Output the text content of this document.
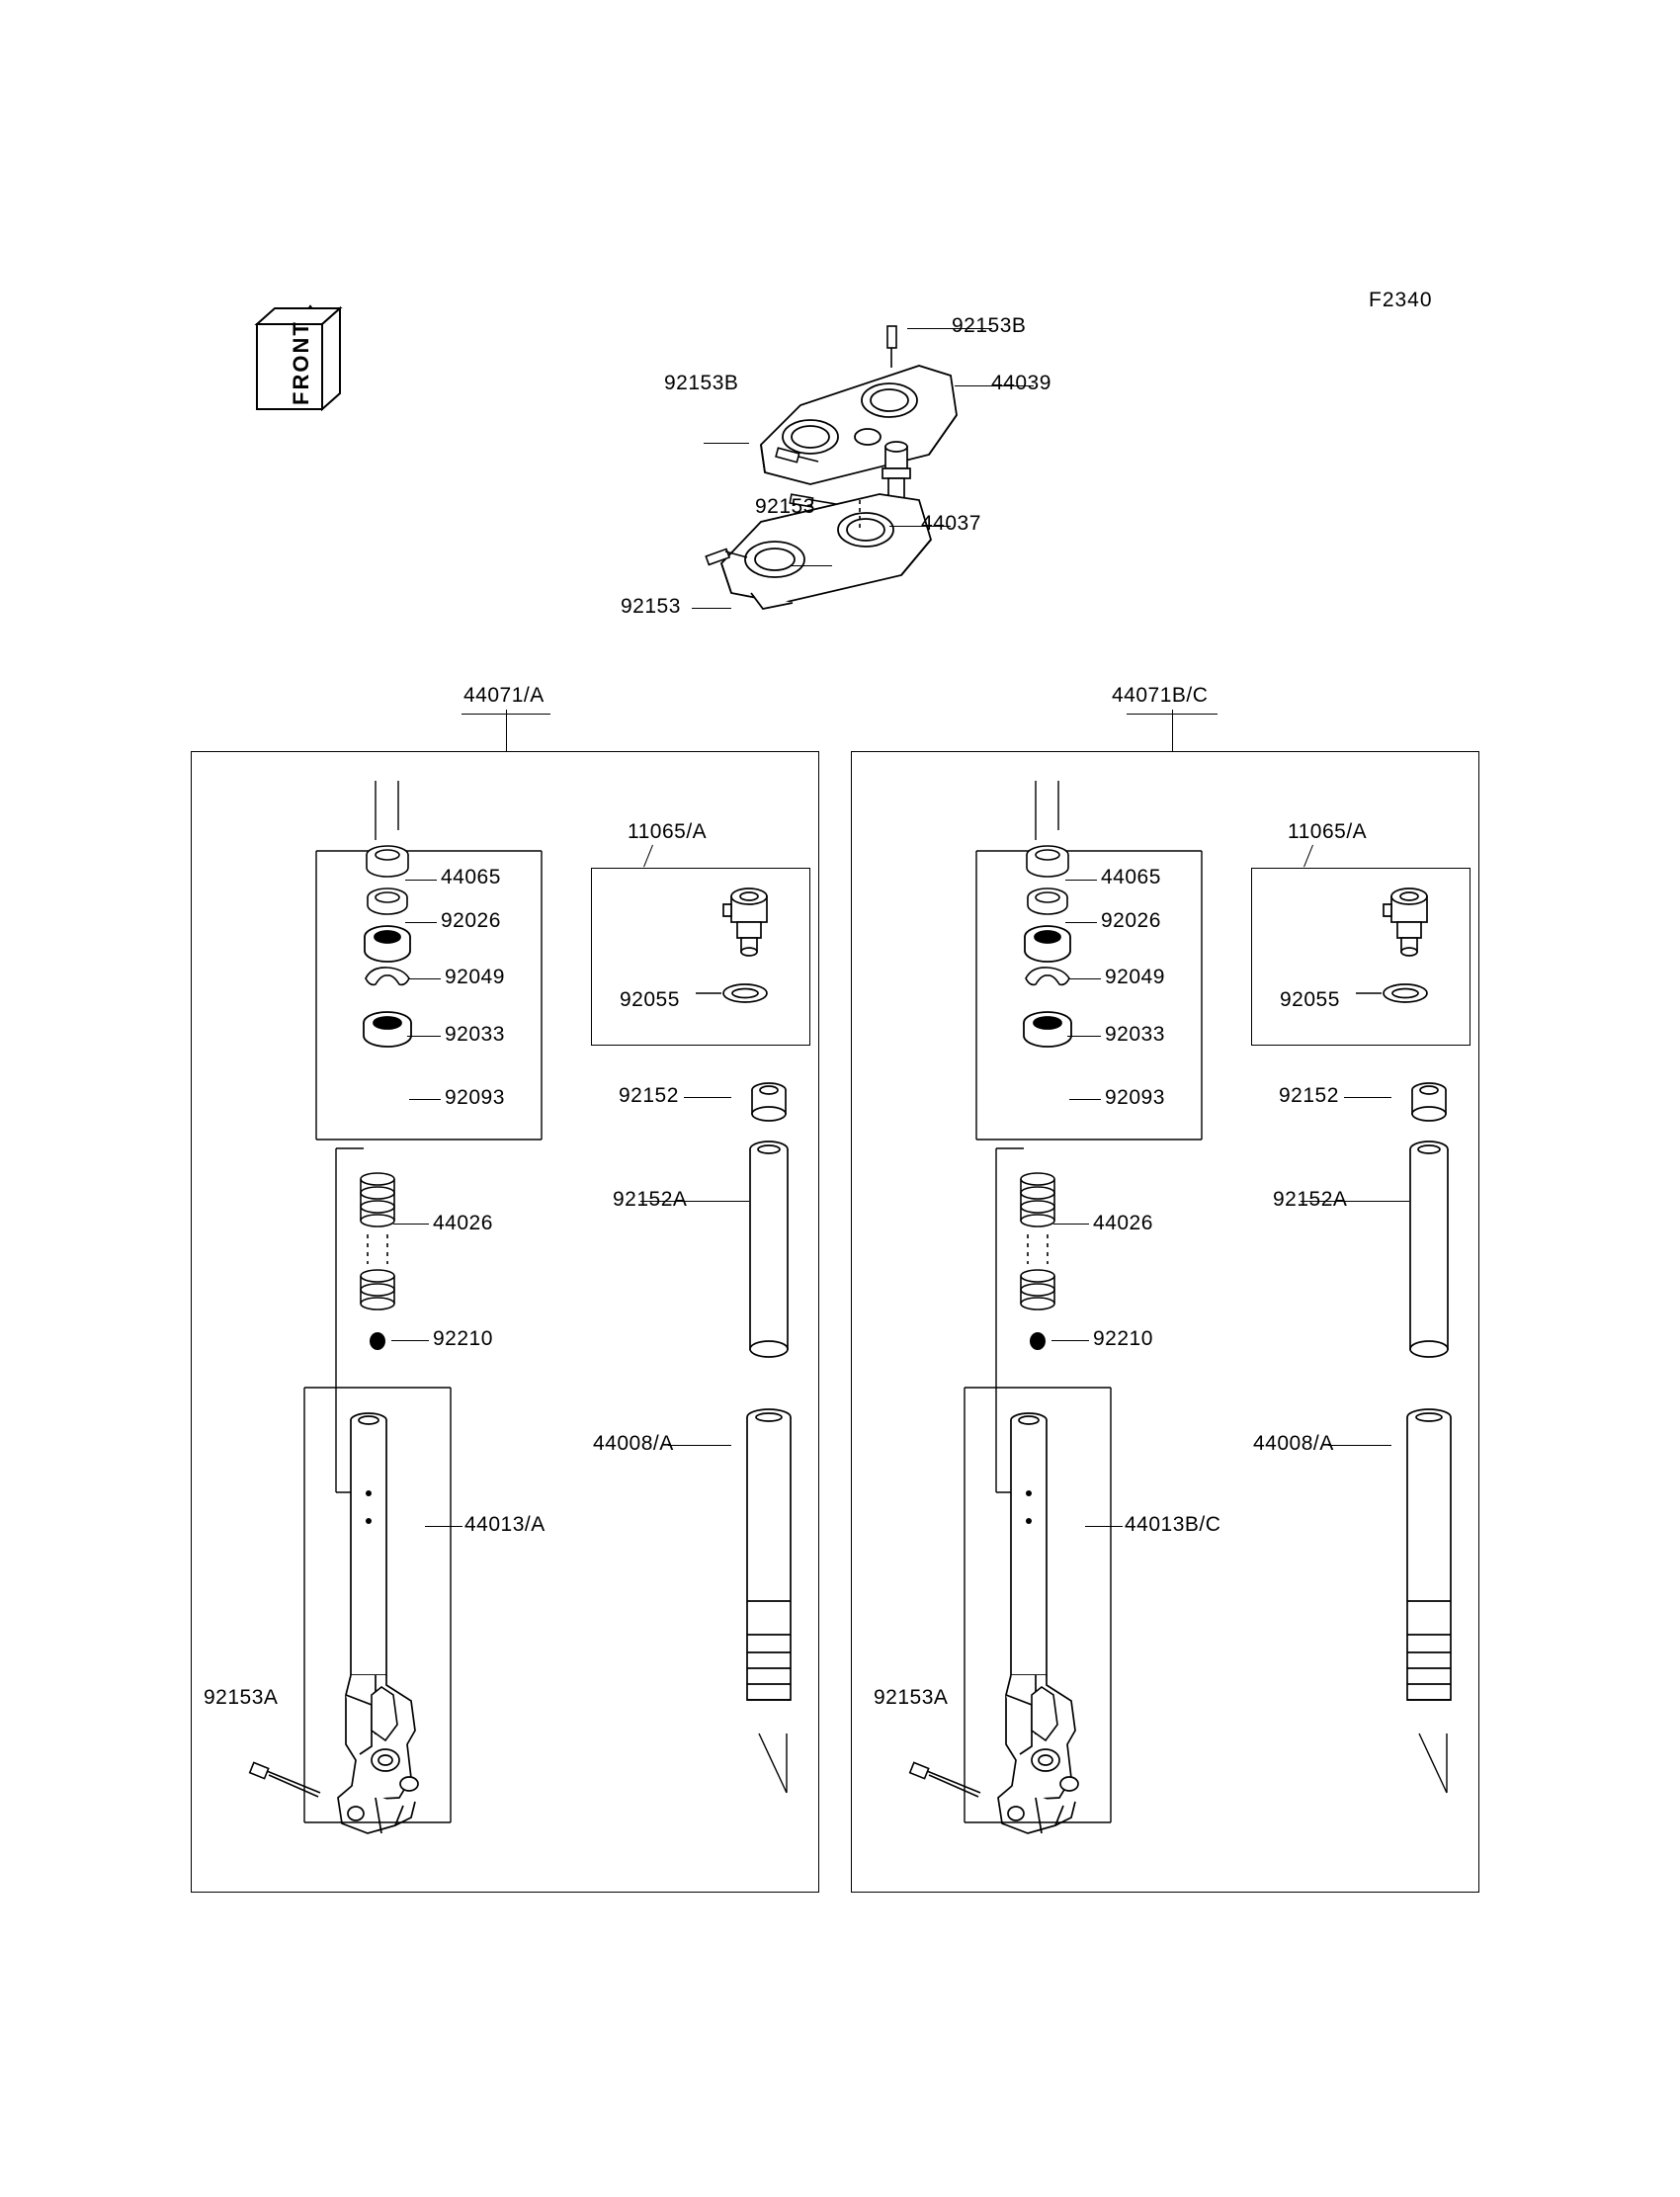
F2340
FRONT	92153B
44039
92153B
92153
44037
92153
44071/A
44065
92026
92049
92033
92093
44026
92210
44013/A
92153A
11065/A
92055
92152
92152A
44008/A
44071B/C
44065
92026
92049
92033
92093
44026
92210
44013B/C
92153A
11065/A
92055
92152
92152A
44008/A
